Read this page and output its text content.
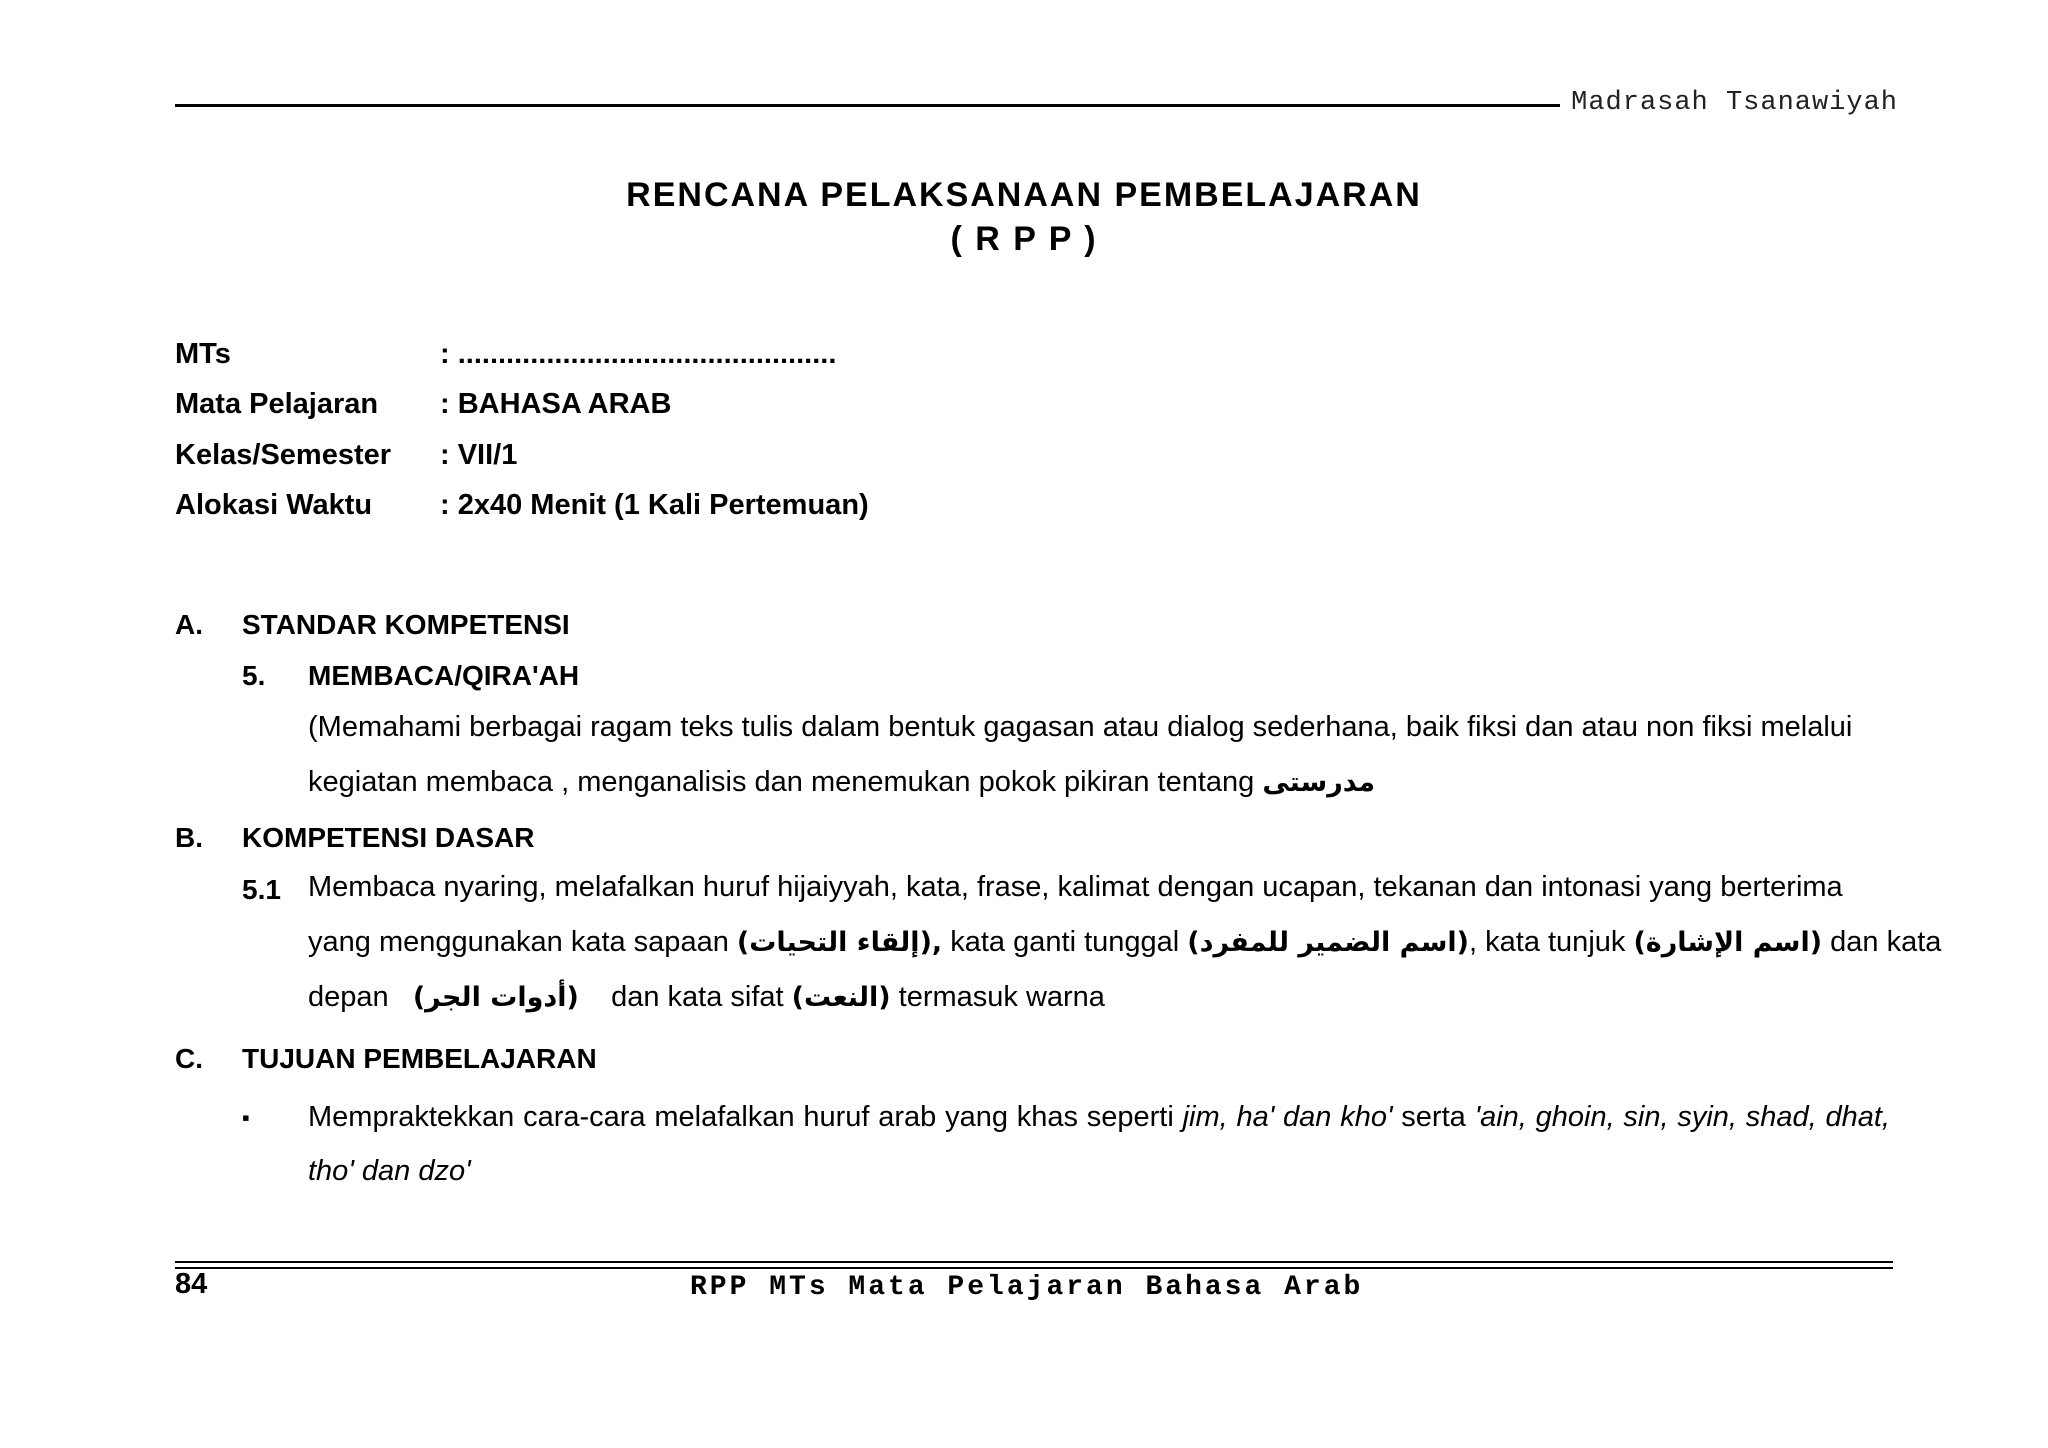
Madrasah Tsanawiyah
RENCANA PELAKSANAAN PEMBELAJARAN
( R P P )
MTs	: ...............................................
Mata Pelajaran : BAHASA ARAB
Kelas/Semester : VII/1
Alokasi Waktu : 2x40 Menit (1 Kali Pertemuan)
A. STANDAR KOMPETENSI
5. MEMBACA/QIRA'AH
(Memahami berbagai ragam teks tulis dalam bentuk gagasan atau dialog sederhana, baik fiksi dan atau non fiksi melalui
kegiatan membaca , menganalisis dan menemukan pokok pikiran tentang مدرستى
B. KOMPETENSI DASAR
5.1 Membaca nyaring, melafalkan huruf hijaiyyah, kata, frase, kalimat dengan ucapan, tekanan dan intonasi yang berterima
yang menggunakan kata sapaan (إلقاء التحيات), kata ganti tunggal (اسم الضمير للمفرد), kata tunjuk (اسم الإشارة) dan kata
depan (أدوات الجر) dan kata sifat (النعت) termasuk warna
C. TUJUAN PEMBELAJARAN
▪ Mempraktekkan cara-cara melafalkan huruf arab yang khas seperti jim, ha' dan kho' serta 'ain, ghoin, sin, syin, shad, dhat, tho' dan dzo'
84	RPP MTs Mata Pelajaran Bahasa Arab
